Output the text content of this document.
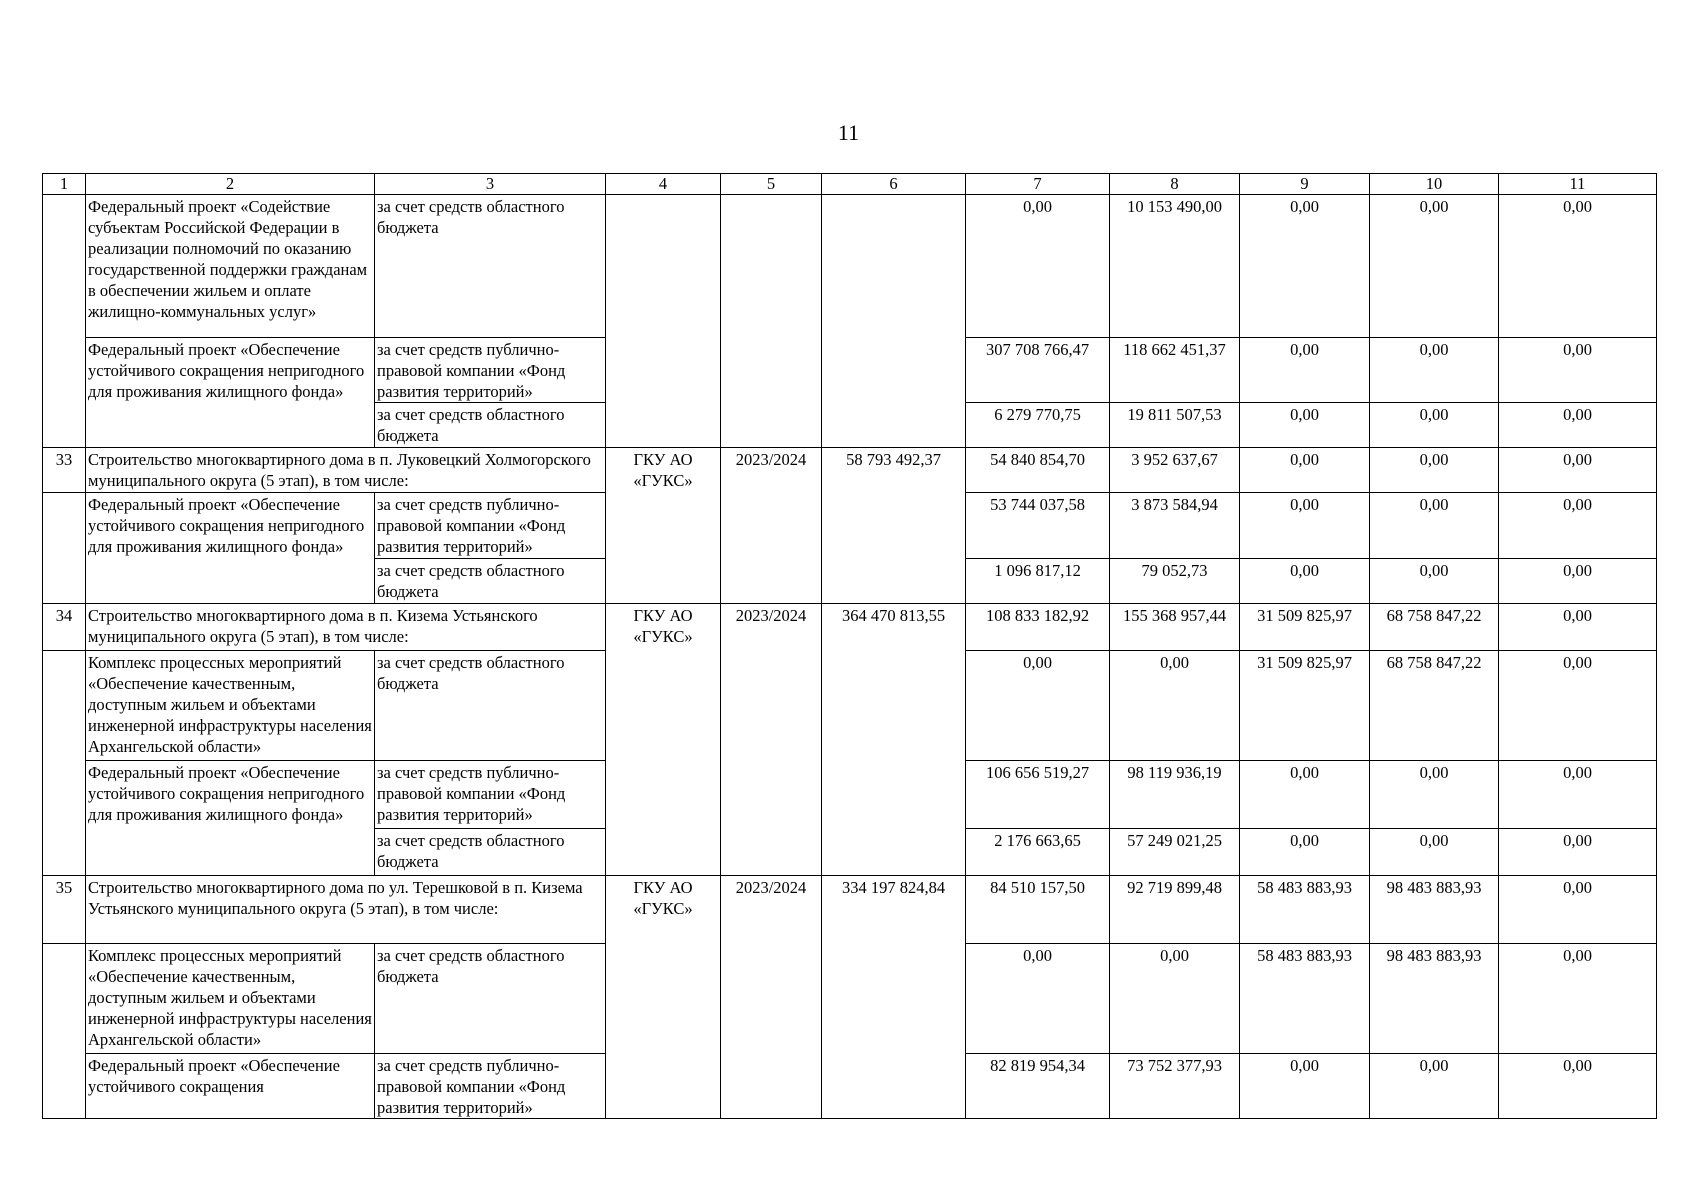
11
1	2	3	4	5	6	7	8	9	10	11
	Федеральный проект «Содействие субъектам Российской Федерации в реализации полномочий по оказанию государственной поддержки гражданам в обеспечении жильем и оплате жилищно-коммунальных услуг»	за счет средств областного бюджета				0,00	10 153 490,00	0,00	0,00	0,00
	Федеральный проект «Обеспечение устойчивого сокращения непригодного для проживания жилищного фонда»	за счет средств публично-правовой компании «Фонд развития территорий»				307 708 766,47	118 662 451,37	0,00	0,00	0,00
		за счет средств областного бюджета				6 279 770,75	19 811 507,53	0,00	0,00	0,00
33	Строительство многоквартирного дома в п. Луковецкий Холмогорского муниципального округа (5 этап), в том числе:		ГКУ АО «ГУКС»	2023/2024	58 793 492,37	54 840 854,70	3 952 637,67	0,00	0,00	0,00
	Федеральный проект «Обеспечение устойчивого сокращения непригодного для проживания жилищного фонда»	за счет средств публично-правовой компании «Фонд развития территорий»				53 744 037,58	3 873 584,94	0,00	0,00	0,00
		за счет средств областного бюджета				1 096 817,12	79 052,73	0,00	0,00	0,00
34	Строительство многоквартирного дома в п. Кизема Устьянского муниципального округа (5 этап), в том числе:		ГКУ АО «ГУКС»	2023/2024	364 470 813,55	108 833 182,92	155 368 957,44	31 509 825,97	68 758 847,22	0,00
	Комплекс процессных мероприятий «Обеспечение качественным, доступным жильем и объектами инженерной инфраструктуры населения Архангельской области»	за счет средств областного бюджета				0,00	0,00	31 509 825,97	68 758 847,22	0,00
	Федеральный проект «Обеспечение устойчивого сокращения непригодного для проживания жилищного фонда»	за счет средств публично-правовой компании «Фонд развития территорий»				106 656 519,27	98 119 936,19	0,00	0,00	0,00
		за счет средств областного бюджета				2 176 663,65	57 249 021,25	0,00	0,00	0,00
35	Строительство многоквартирного дома по ул. Терешковой в п. Кизема Устьянского муниципального округа (5 этап), в том числе:		ГКУ АО «ГУКС»	2023/2024	334 197 824,84	84 510 157,50	92 719 899,48	58 483 883,93	98 483 883,93	0,00
	Комплекс процессных мероприятий «Обеспечение качественным, доступным жильем и объектами инженерной инфраструктуры населения Архангельской области»	за счет средств областного бюджета				0,00	0,00	58 483 883,93	98 483 883,93	0,00
	Федеральный проект «Обеспечение устойчивого сокращения	за счет средств публично-правовой компании «Фонд развития территорий»				82 819 954,34	73 752 377,93	0,00	0,00	0,00
